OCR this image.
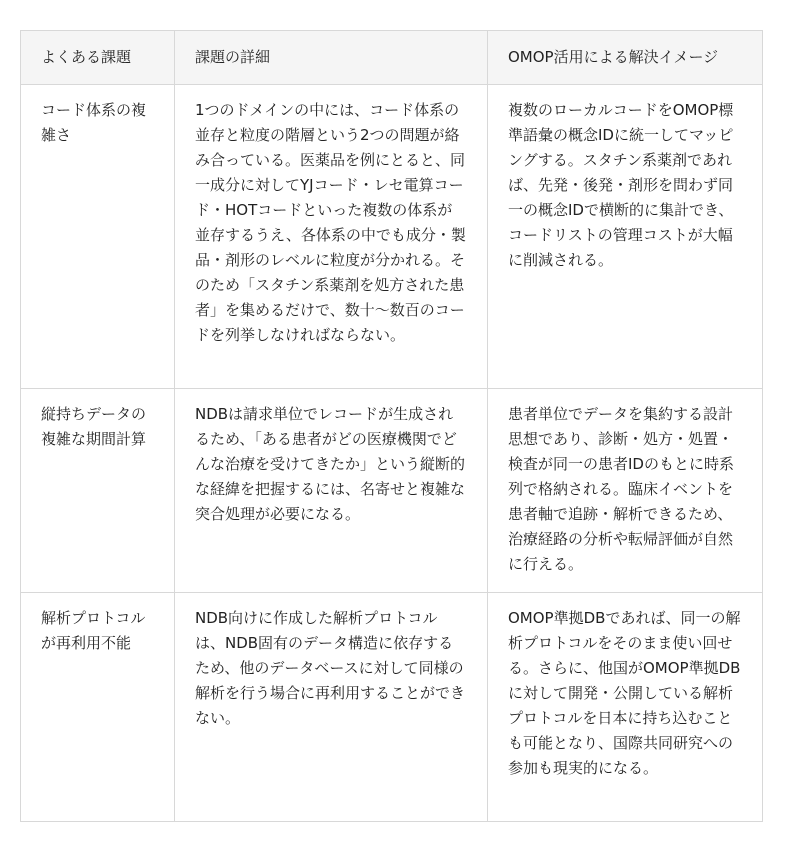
よくある課題	課題の詳細	OMOP活用による解決イメージ
コード体系の複雑さ	1つのドメインの中には、コード体系の並存と粒度の階層という2つの問題が絡み合っている。医薬品を例にとると、同一成分に対してYJコード・レセ電算コード・HOTコードといった複数の体系が並存するうえ、各体系の中でも成分・製品・剤形のレベルに粒度が分かれる。そのため「スタチン系薬剤を処方された患者」を集めるだけで、数十〜数百のコードを列挙しなければならない。	複数のローカルコードをOMOP標準語彙の概念IDに統一してマッピングする。スタチン系薬剤であれば、先発・後発・剤形を問わず同一の概念IDで横断的に集計でき、コードリストの管理コストが大幅に削減される。
縦持ちデータの複雑な期間計算	NDBは請求単位でレコードが生成されるため、「ある患者がどの医療機関でどんな治療を受けてきたか」という縦断的な経緯を把握するには、名寄せと複雑な突合処理が必要になる。	患者単位でデータを集約する設計思想であり、診断・処方・処置・検査が同一の患者IDのもとに時系列で格納される。臨床イベントを患者軸で追跡・解析できるため、治療経路の分析や転帰評価が自然に行える。
解析プロトコルが再利用不能	NDB向けに作成した解析プロトコルは、NDB固有のデータ構造に依存するため、他のデータベースに対して同様の解析を行う場合に再利用することができない。	OMOP準拠DBであれば、同一の解析プロトコルをそのまま使い回せる。さらに、他国がOMOP準拠DBに対して開発・公開している解析プロトコルを日本に持ち込むことも可能となり、国際共同研究への参加も現実的になる。
